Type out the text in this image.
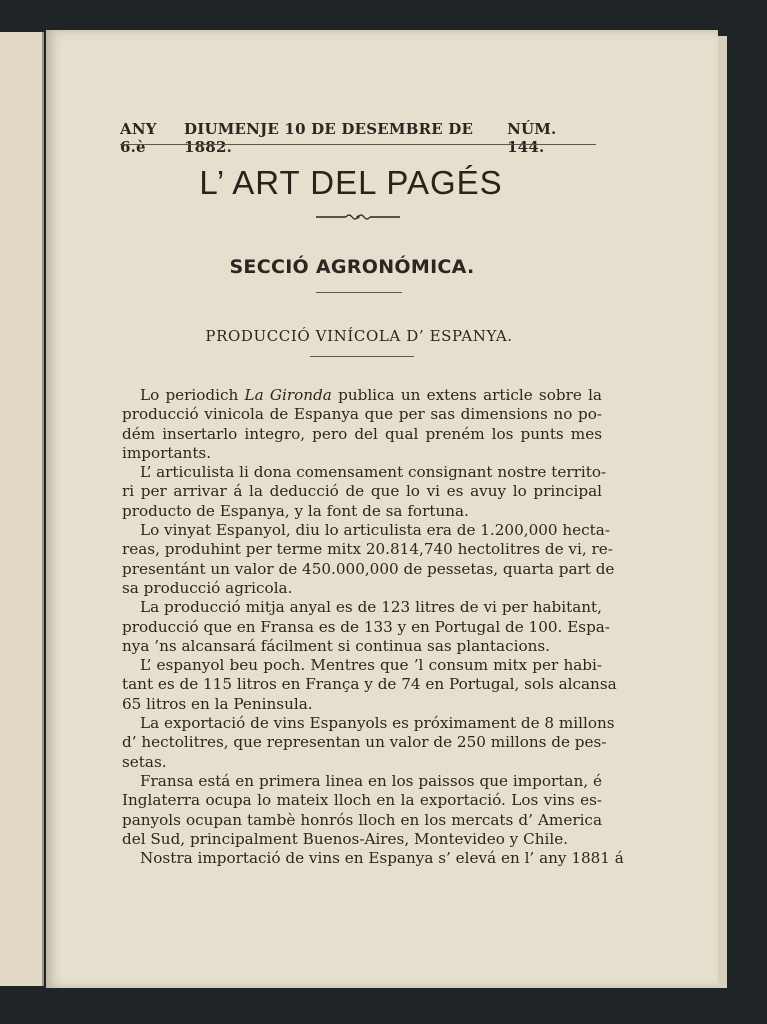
ANY 6.è
DIUMENJE 10 DE DESEMBRE DE 1882.
NÚM. 144.
L’ ART DEL PAGÉS
SECCIÓ AGRONÓMICA.
PRODUCCIÓ VINÍCOLA D’ ESPANYA.
Lo periodich La Gironda publica un extens article sobre la
producció vinicola de Espanya que per sas dimensions no po-
dém insertarlo integro, pero del qual preném los punts mes
importants.
L’ articulista li dona comensament consignant nostre territo-
ri per arrivar á la deducció de que lo vi es avuy lo principal
producto de Espanya, y la font de sa fortuna.
Lo vinyat Espanyol, diu lo articulista era de 1.200,000 hecta-
reas, produhint per terme mitx 20.814,740 hectolitres de vi, re-
presentánt un valor de 450.000,000 de pessetas, quarta part de
sa producció agricola.
La producció mitja anyal es de 123 litres de vi per habitant,
producció que en Fransa es de 133 y en Portugal de 100. Espa-
nya ’ns alcansará fácilment si continua sas plantacions.
L’ espanyol beu poch. Mentres que ’l consum mitx per habi-
tant es de 115 litros en França y de 74 en Portugal, sols alcansa
65 litros en la Peninsula.
La exportació de vins Espanyols es próximament de 8 millons
d’ hectolitres, que representan un valor de 250 millons de pes-
setas.
Fransa está en primera linea en los paissos que importan, é
Inglaterra ocupa lo mateix lloch en la exportació. Los vins es-
panyols ocupan tambè honrós lloch en los mercats d’ America
del Sud, principalment Buenos-Aires, Montevideo y Chile.
Nostra importació de vins en Espanya s’ elevá en l’ any 1881 á
